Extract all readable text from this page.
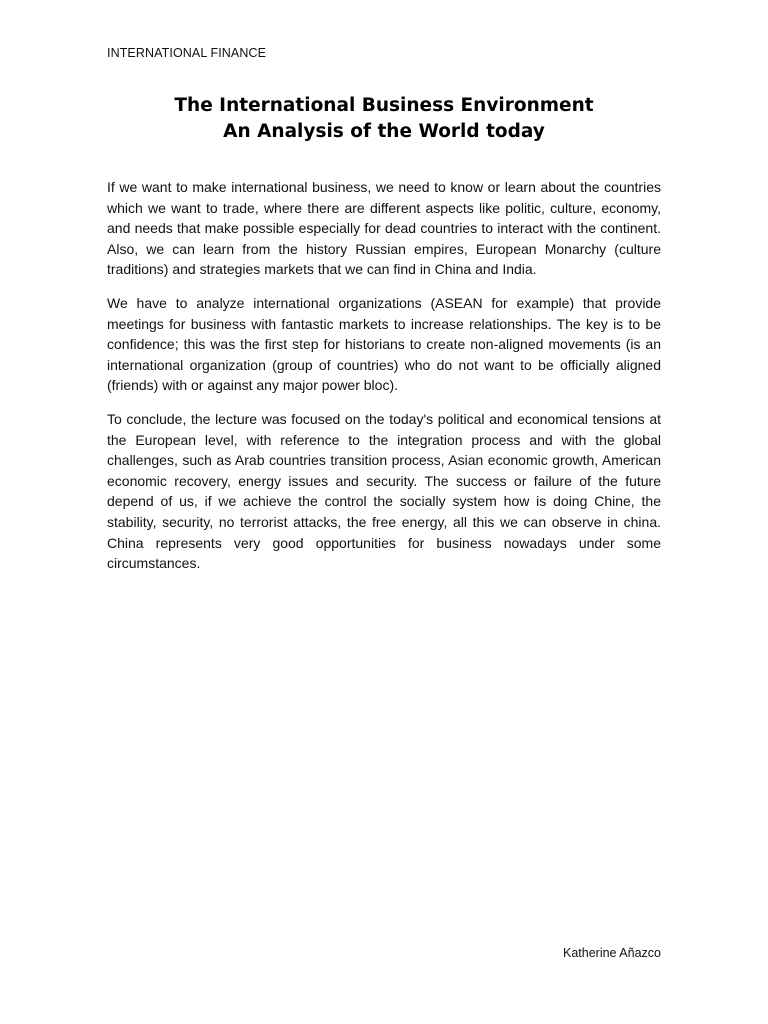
INTERNATIONAL FINANCE
The International Business Environment
An Analysis of the World today

If we want to make international business, we need to know or learn about the countries which we want to trade, where there are different aspects like politic, culture, economy, and needs that make possible especially for dead countries to interact with the continent. Also, we can learn from the history Russian empires, European Monarchy (culture traditions) and strategies markets that we can find in China and India.

We have to analyze international organizations (ASEAN for example) that provide meetings for business with fantastic markets to increase relationships. The key is to be confidence; this was the first step for historians to create non-aligned movements (is an international organization (group of countries) who do not want to be officially aligned (friends) with or against any major power bloc).

To conclude, the lecture was focused on the today's political and economical tensions at the European level, with reference to the integration process and with the global challenges, such as Arab countries transition process, Asian economic growth, American economic recovery, energy issues and security. The success or failure of the future depend of us, if we achieve the control the socially system how is doing Chine, the stability, security, no terrorist attacks, the free energy, all this we can observe in china. China represents very good opportunities for business nowadays under some circumstances.

Katherine Añazco
